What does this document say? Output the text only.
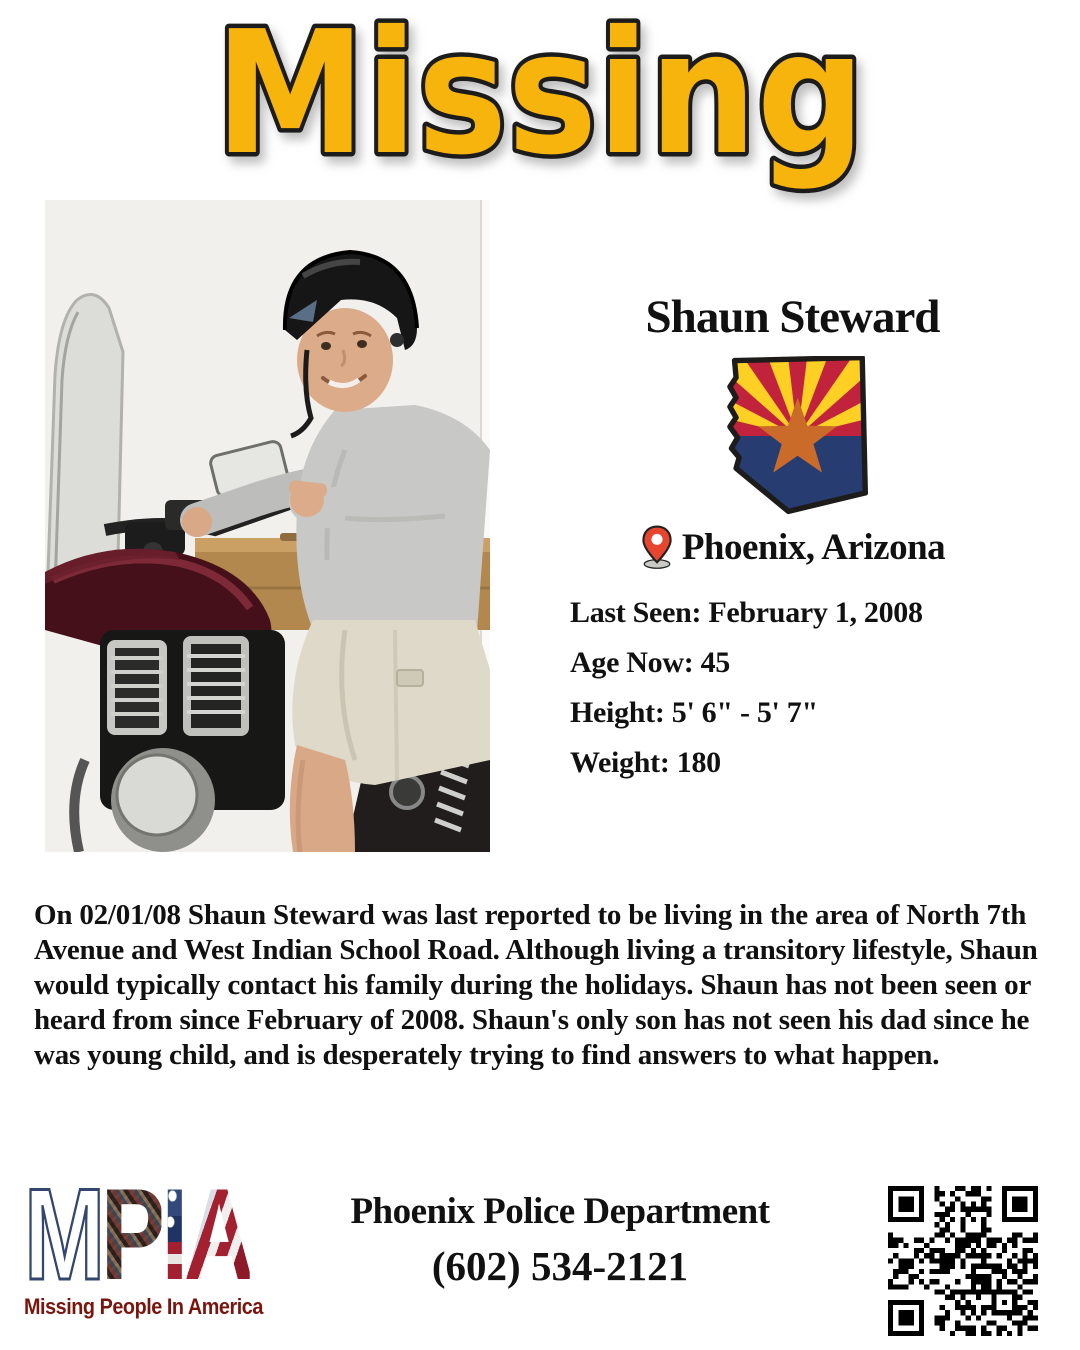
Missing
Shaun Steward
Phoenix, Arizona
Last Seen: February 1, 2008
Age Now: 45
Height: 5' 6" - 5' 7"
Weight: 180
On 02/01/08 Shaun Steward was last reported to be living in the area of North 7th Avenue and West Indian School Road. Although living a transitory lifestyle, Shaun would typically contact his family during the holidays. Shaun has not been seen or heard from since February of 2008. Shaun's only son has not seen his dad since he was young child, and is desperately trying to find answers to what happen.
MPIA
Missing People In America
Phoenix Police Department
(602) 534-2121
